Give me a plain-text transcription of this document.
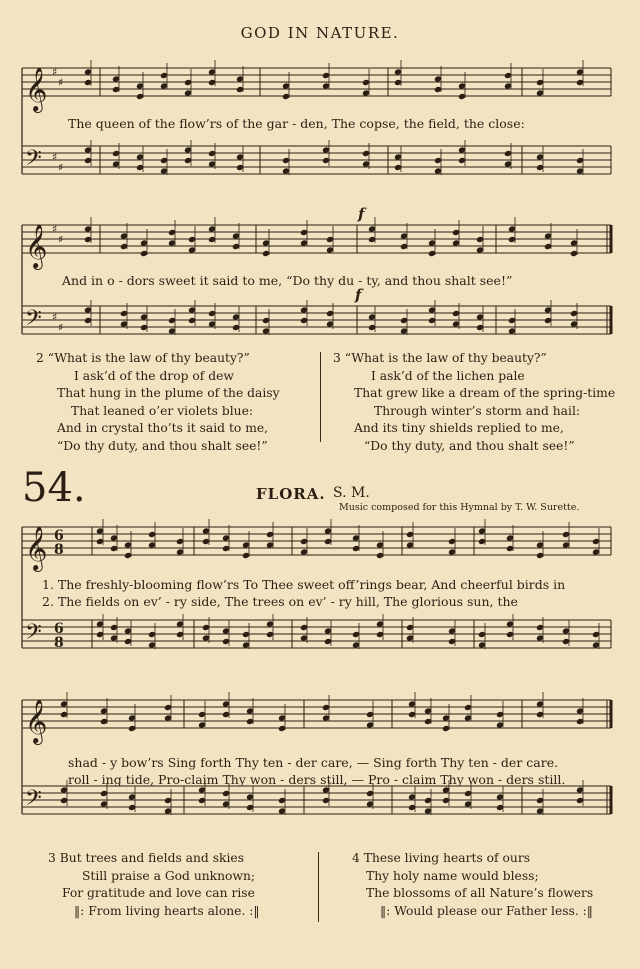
GOD IN NATURE.
𝄞
𝄢
♯
♯
♯
♯
𝄞
𝄢
♯
♯
♯
♯
𝄞
𝄢
6
6
8
8
𝄞
𝄢
The queen of the flow’rs of the gar - den, The copse, the field, the close:
And in o - dors sweet it said to me, “Do thy du - ty, and thou shalt see!”
f
f
2 “What is the law of thy beauty?”
I ask’d of the drop of dew
That hung in the plume of the daisy
That leaned o’er violets blue:
And in crystal tho’ts it said to me,
“Do thy duty, and thou shalt see!”
3 “What is the law of thy beauty?”
I ask’d of the lichen pale
That grew like a dream of the spring-time
Through winter’s storm and hail:
And its tiny shields replied to me,
“Do thy duty, and thou shalt see!”
54.	FLORA. S. M.
Music composed for this Hymnal by T. W. Surette.
1. The freshly-blooming flow’rs To Thee sweet off’rings bear, And cheerful birds in
2. The fields on ev’ - ry side, The trees on ev’ - ry hill, The glorious sun, the
shad - y bow’rs Sing forth Thy ten - der care, — Sing forth Thy ten - der care.
roll - ing tide, Pro-claim Thy won - ders still, — Pro - claim Thy won - ders still.
3 But trees and fields and skies
Still praise a God unknown;
For gratitude and love can rise
‖: From living hearts alone. :‖
4 These living hearts of ours
Thy holy name would bless;
The blossoms of all Nature’s flowers
‖: Would please our Father less. :‖
